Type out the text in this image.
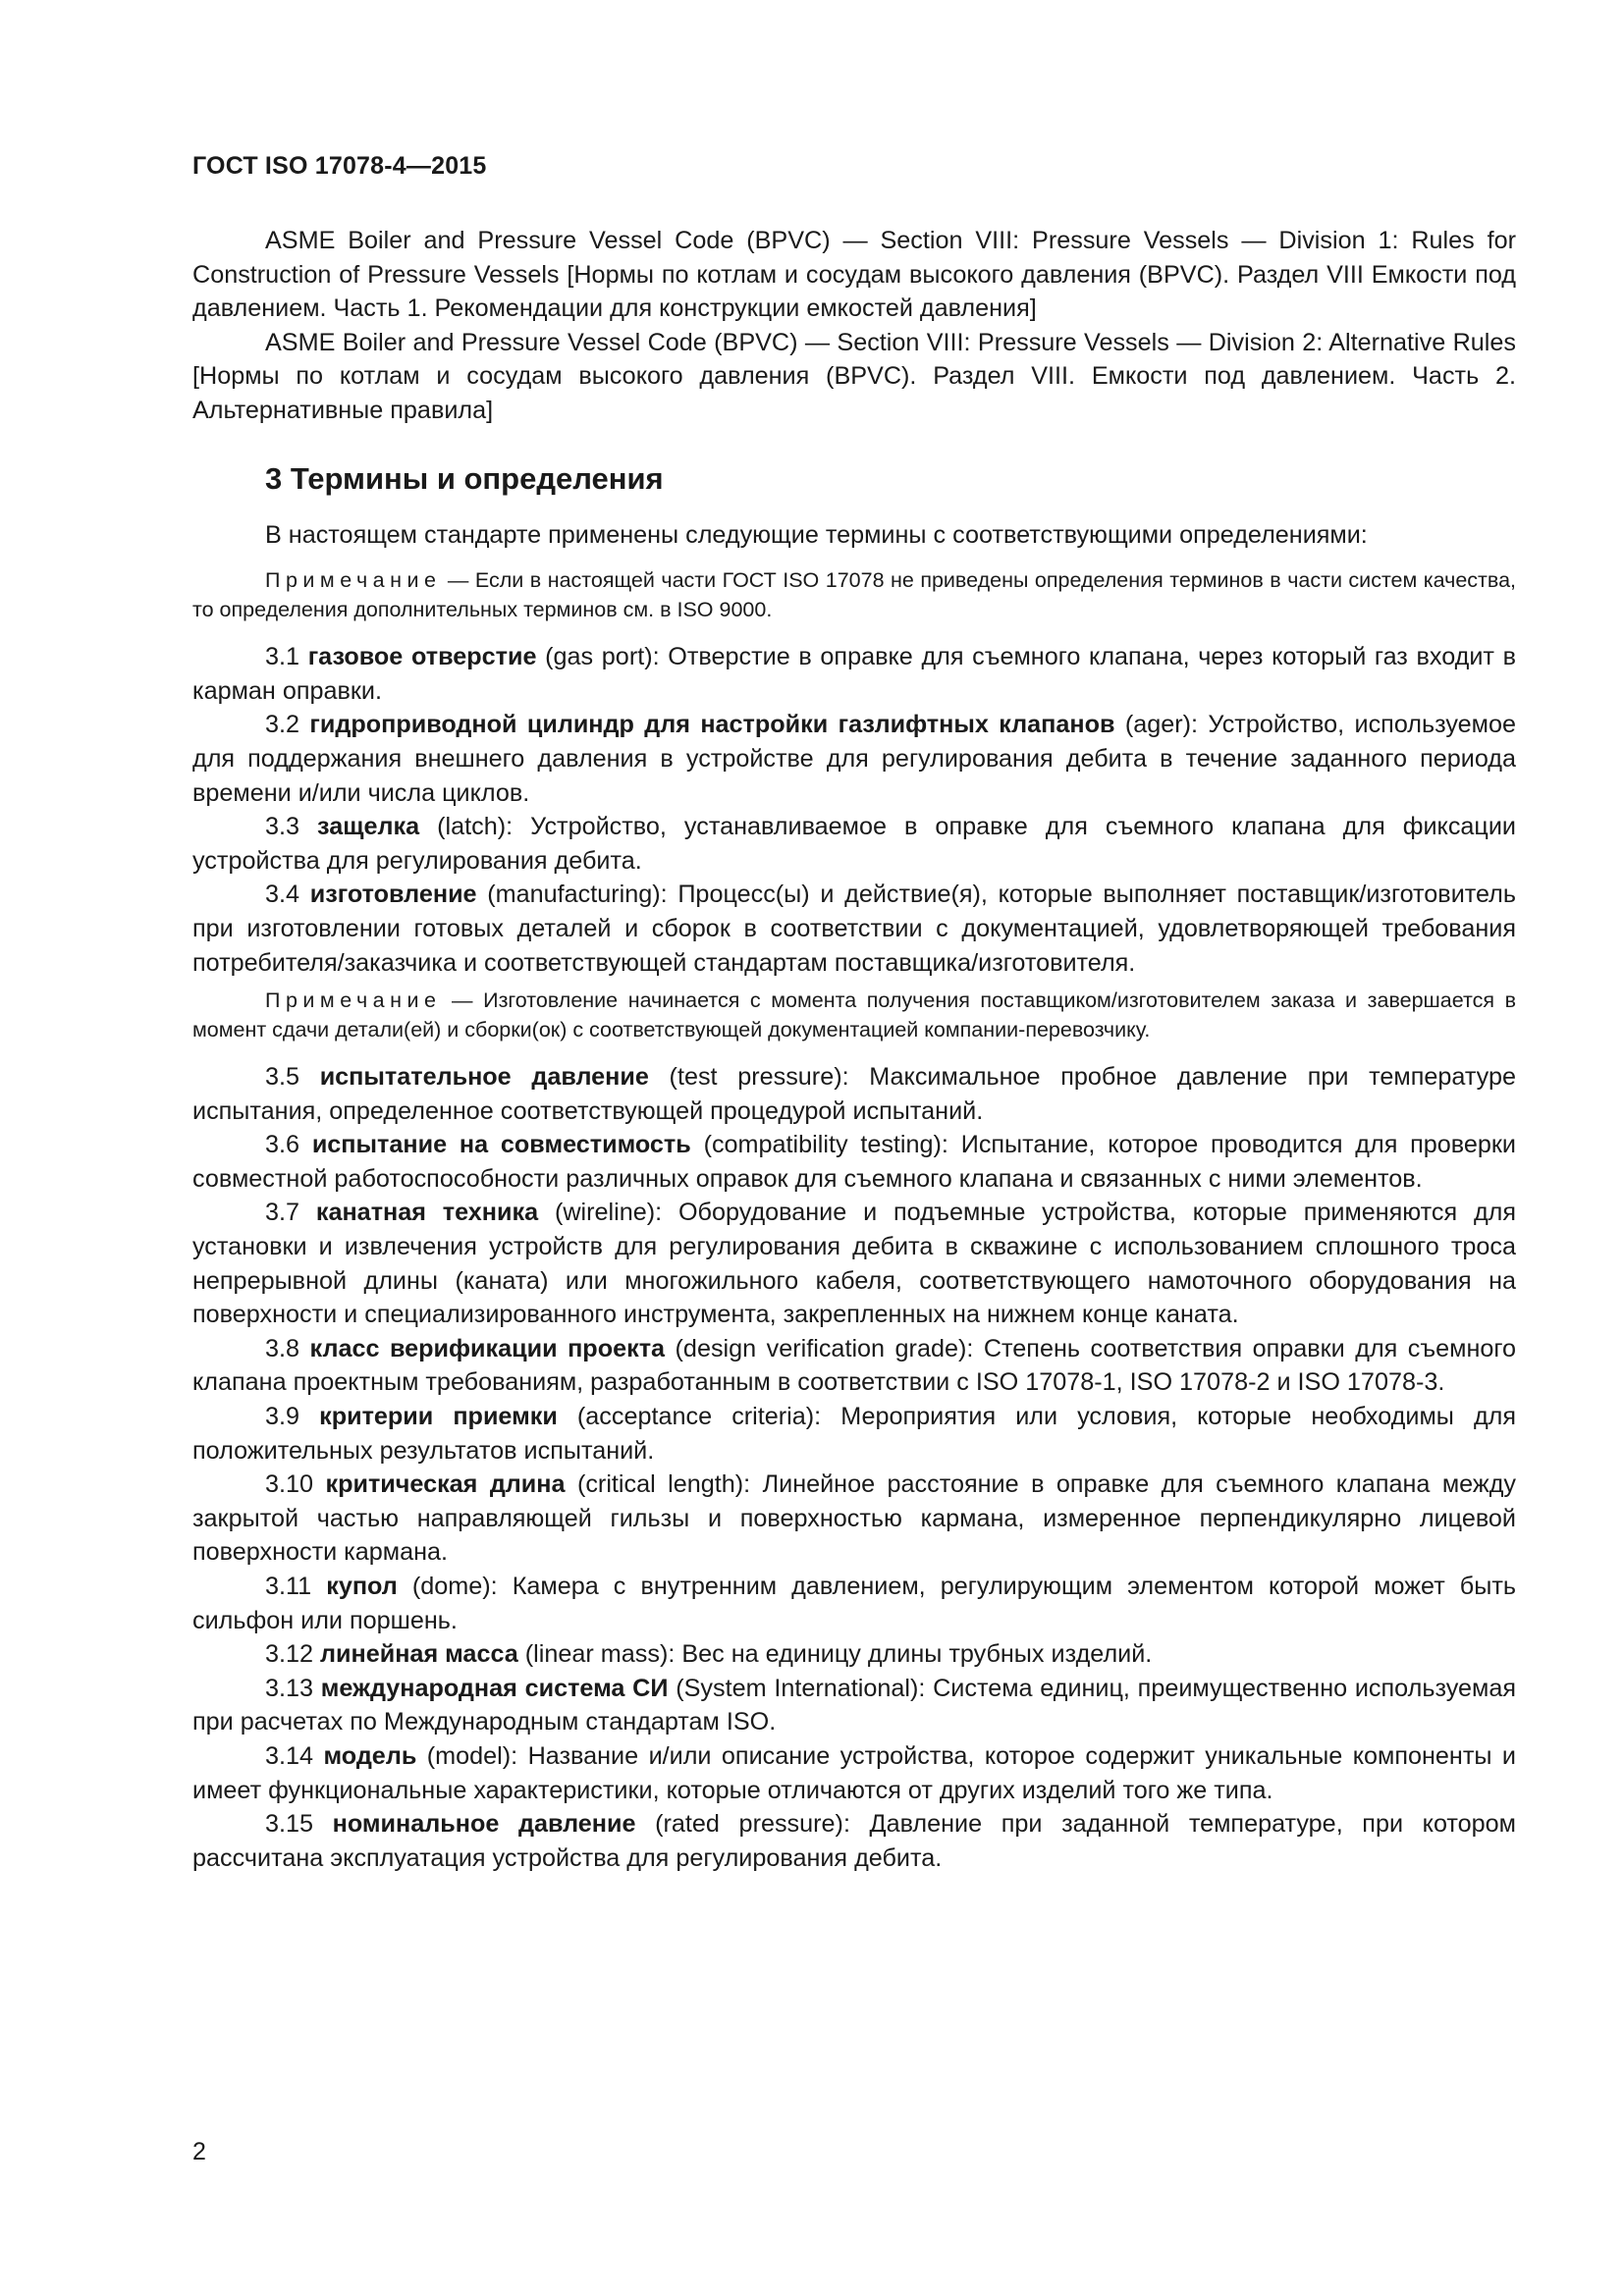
ГОСТ ISO 17078-4—2015

ASME Boiler and Pressure Vessel Code (BPVC) — Section VIII: Pressure Vessels — Division 1: Rules for Construction of Pressure Vessels [Нормы по котлам и сосудам высокого давления (BPVC). Раздел VIII Емкости под давлением. Часть 1. Рекомендации для конструкции емкостей давления]

ASME Boiler and Pressure Vessel Code (BPVC) — Section VIII: Pressure Vessels — Division 2: Alternative Rules [Нормы по котлам и сосудам высокого давления (BPVC). Раздел VIII. Емкости под давлением. Часть 2. Альтернативные правила]

3 Термины и определения

В настоящем стандарте применены следующие термины с соответствующими определениями:

Примечание — Если в настоящей части ГОСТ ISO 17078 не приведены определения терминов в части систем качества, то определения дополнительных терминов см. в ISO 9000.

3.1 газовое отверстие (gas port): Отверстие в оправке для съемного клапана, через который газ входит в карман оправки.

3.2 гидроприводной цилиндр для настройки газлифтных клапанов (ager): Устройство, используемое для поддержания внешнего давления в устройстве для регулирования дебита в течение заданного периода времени и/или числа циклов.

3.3 защелка (latch): Устройство, устанавливаемое в оправке для съемного клапана для фиксации устройства для регулирования дебита.

3.4 изготовление (manufacturing): Процесс(ы) и действие(я), которые выполняет поставщик/изготовитель при изготовлении готовых деталей и сборок в соответствии с документацией, удовлетворяющей требования потребителя/заказчика и соответствующей стандартам поставщика/изготовителя.

Примечание — Изготовление начинается с момента получения поставщиком/изготовителем заказа и завершается в момент сдачи детали(ей) и сборки(ок) с соответствующей документацией компании-перевозчику.

3.5 испытательное давление (test pressure): Максимальное пробное давление при температуре испытания, определенное соответствующей процедурой испытаний.

3.6 испытание на совместимость (compatibility testing): Испытание, которое проводится для проверки совместной работоспособности различных оправок для съемного клапана и связанных с ними элементов.

3.7 канатная техника (wireline): Оборудование и подъемные устройства, которые применяются для установки и извлечения устройств для регулирования дебита в скважине с использованием сплошного троса непрерывной длины (каната) или многожильного кабеля, соответствующего намоточного оборудования на поверхности и специализированного инструмента, закрепленных на нижнем конце каната.

3.8 класс верификации проекта (design verification grade): Степень соответствия оправки для съемного клапана проектным требованиям, разработанным в соответствии с ISO 17078-1, ISO 17078-2 и ISO 17078-3.

3.9 критерии приемки (acceptance criteria): Мероприятия или условия, которые необходимы для положительных результатов испытаний.

3.10 критическая длина (critical length): Линейное расстояние в оправке для съемного клапана между закрытой частью направляющей гильзы и поверхностью кармана, измеренное перпендикулярно лицевой поверхности кармана.

3.11 купол (dome): Камера с внутренним давлением, регулирующим элементом которой может быть сильфон или поршень.

3.12 линейная масса (linear mass): Вес на единицу длины трубных изделий.

3.13 международная система СИ (System International): Система единиц, преимущественно используемая при расчетах по Международным стандартам ISO.

3.14 модель (model): Название и/или описание устройства, которое содержит уникальные компоненты и имеет функциональные характеристики, которые отличаются от других изделий того же типа.

3.15 номинальное давление (rated pressure): Давление при заданной температуре, при котором рассчитана эксплуатация устройства для регулирования дебита.

2
